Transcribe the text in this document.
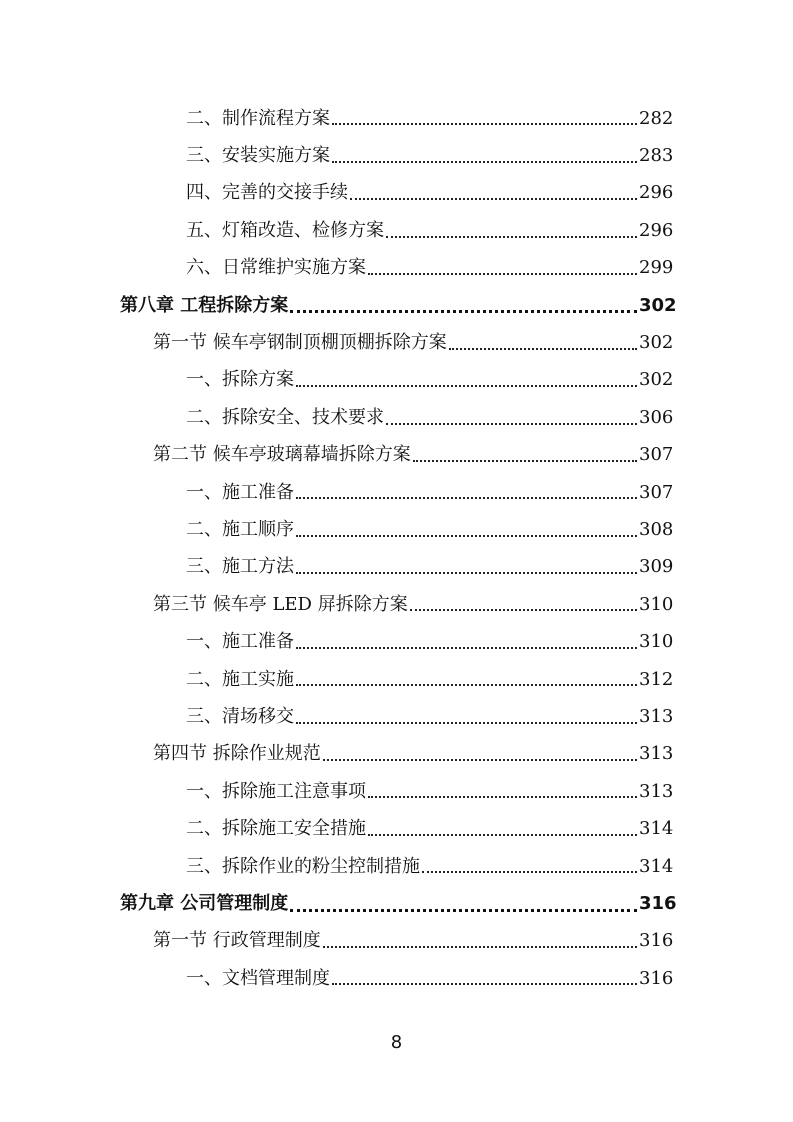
二、制作流程方案	282
三、安装实施方案	283
四、完善的交接手续	296
五、灯箱改造、检修方案	296
六、日常维护实施方案	299
第八章 工程拆除方案	302
第一节 候车亭钢制顶棚顶棚拆除方案	302
一、拆除方案	302
二、拆除安全、技术要求	306
第二节 候车亭玻璃幕墙拆除方案	307
一、施工准备	307
二、施工顺序	308
三、施工方法	309
第三节 候车亭 LED 屏拆除方案	310
一、施工准备	310
二、施工实施	312
三、清场移交	313
第四节 拆除作业规范	313
一、拆除施工注意事项	313
二、拆除施工安全措施	314
三、拆除作业的粉尘控制措施	314
第九章 公司管理制度	316
第一节 行政管理制度	316
一、文档管理制度	316
8
